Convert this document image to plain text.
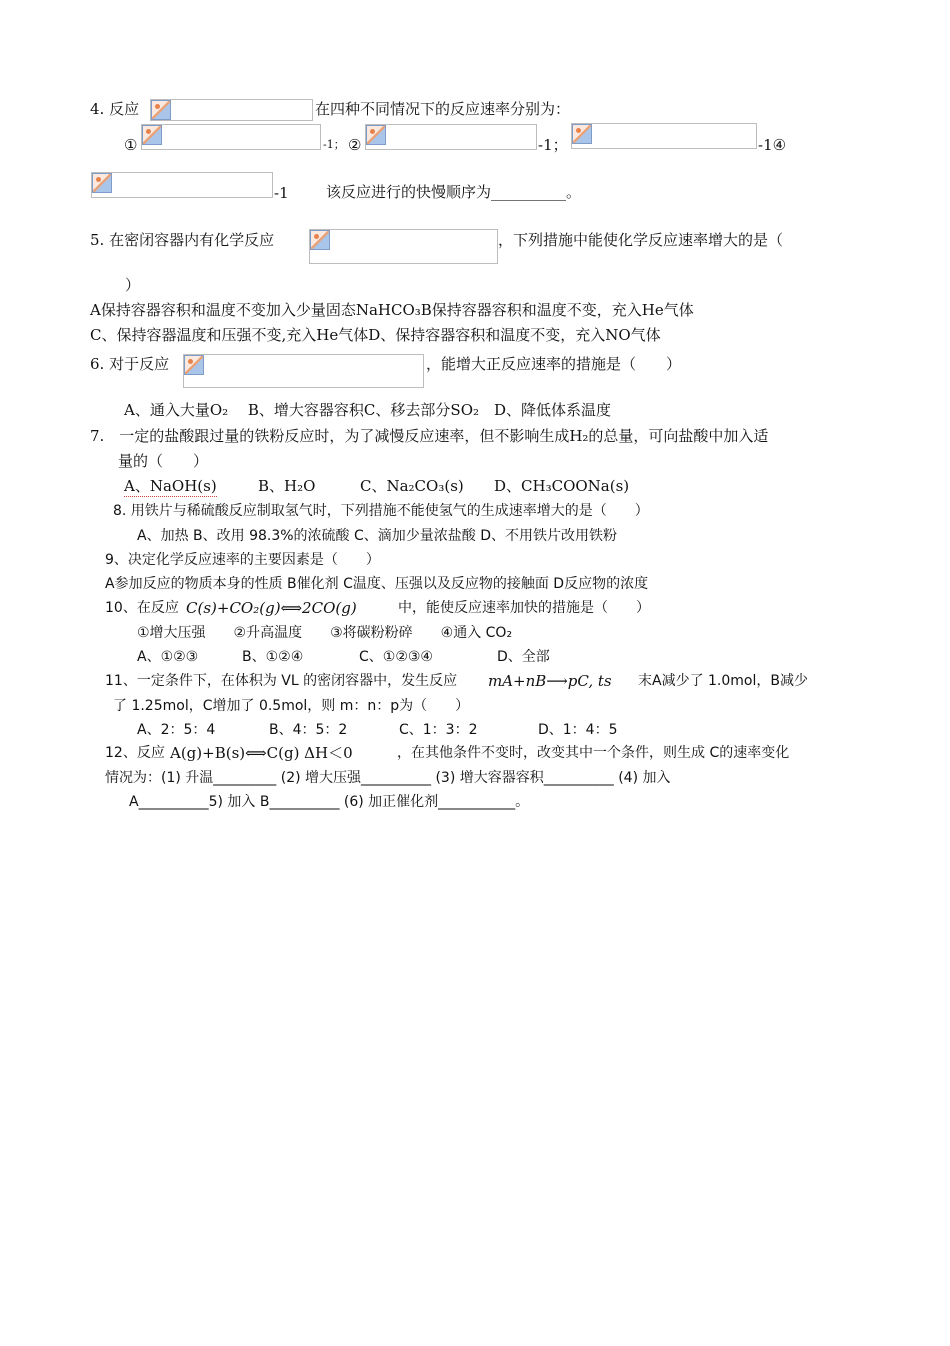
4. 反应	在四种不同情况下的反应速率分别为：
①	-1； ②	-1；	-1④
-1 该反应进行的快慢顺序为__________。
5. 在密闭容器内有化学反应	，下列措施中能使化学反应速率增大的是（
）
A保持容器容积和温度不变加入少量固态NaHCO₃B保持容器容积和温度不变，充入He气体
C、保持容器温度和压强不变,充入He气体D、保持容器容积和温度不变，充入NO气体
6. 对于反应	，能增大正反应速率的措施是（　　）
A、通入大量O₂　 B、增大容器容积C、移去部分SO₂　D、降低体系温度
7.　一定的盐酸跟过量的铁粉反应时，为了减慢反应速率，但不影响生成H₂的总量，可向盐酸中加入适
量的（　　）
A、NaOH(s)	B、H₂O	C、Na₂CO₃(s) D、CH₃COONa(s)
8. 用铁片与稀硫酸反应制取氢气时，下列措施不能使氢气的生成速率增大的是（　　）
A、加热 B、改用 98.3%的浓硫酸 C、滴加少量浓盐酸 D、不用铁片改用铁粉
9、决定化学反应速率的主要因素是（　　）
A参加反应的物质本身的性质 B催化剂 C温度、压强以及反应物的接触面 D反应物的浓度
10、在反应 C(s)+CO₂(g)⟺2CO(g)	中，能使反应速率加快的措施是（　　）
①增大压强　　②升高温度　　③将碳粉粉碎　　④通入 CO₂
A、①②③	B、①②④	C、①②③④	D、全部
11、一定条件下，在体积为 VL 的密闭容器中，发生反应 mA+nB⟶pC, ts 末A减少了 1.0mol，B减少
了 1.25mol，C增加了 0.5mol，则 m：n：p为（　　）
A、2：5：4	B、4：5：2	C、1：3：2	D、1：4：5
12、反应 A(g)+B(s)⟺C(g) ΔH＜0	，在其他条件不变时，改变其中一个条件，则生成 C的速率变化
情况为：(1) 升温_________ (2) 增大压强__________ (3) 增大容器容积__________ (4) 加入
A__________5) 加入 B__________ (6) 加正催化剂___________。
